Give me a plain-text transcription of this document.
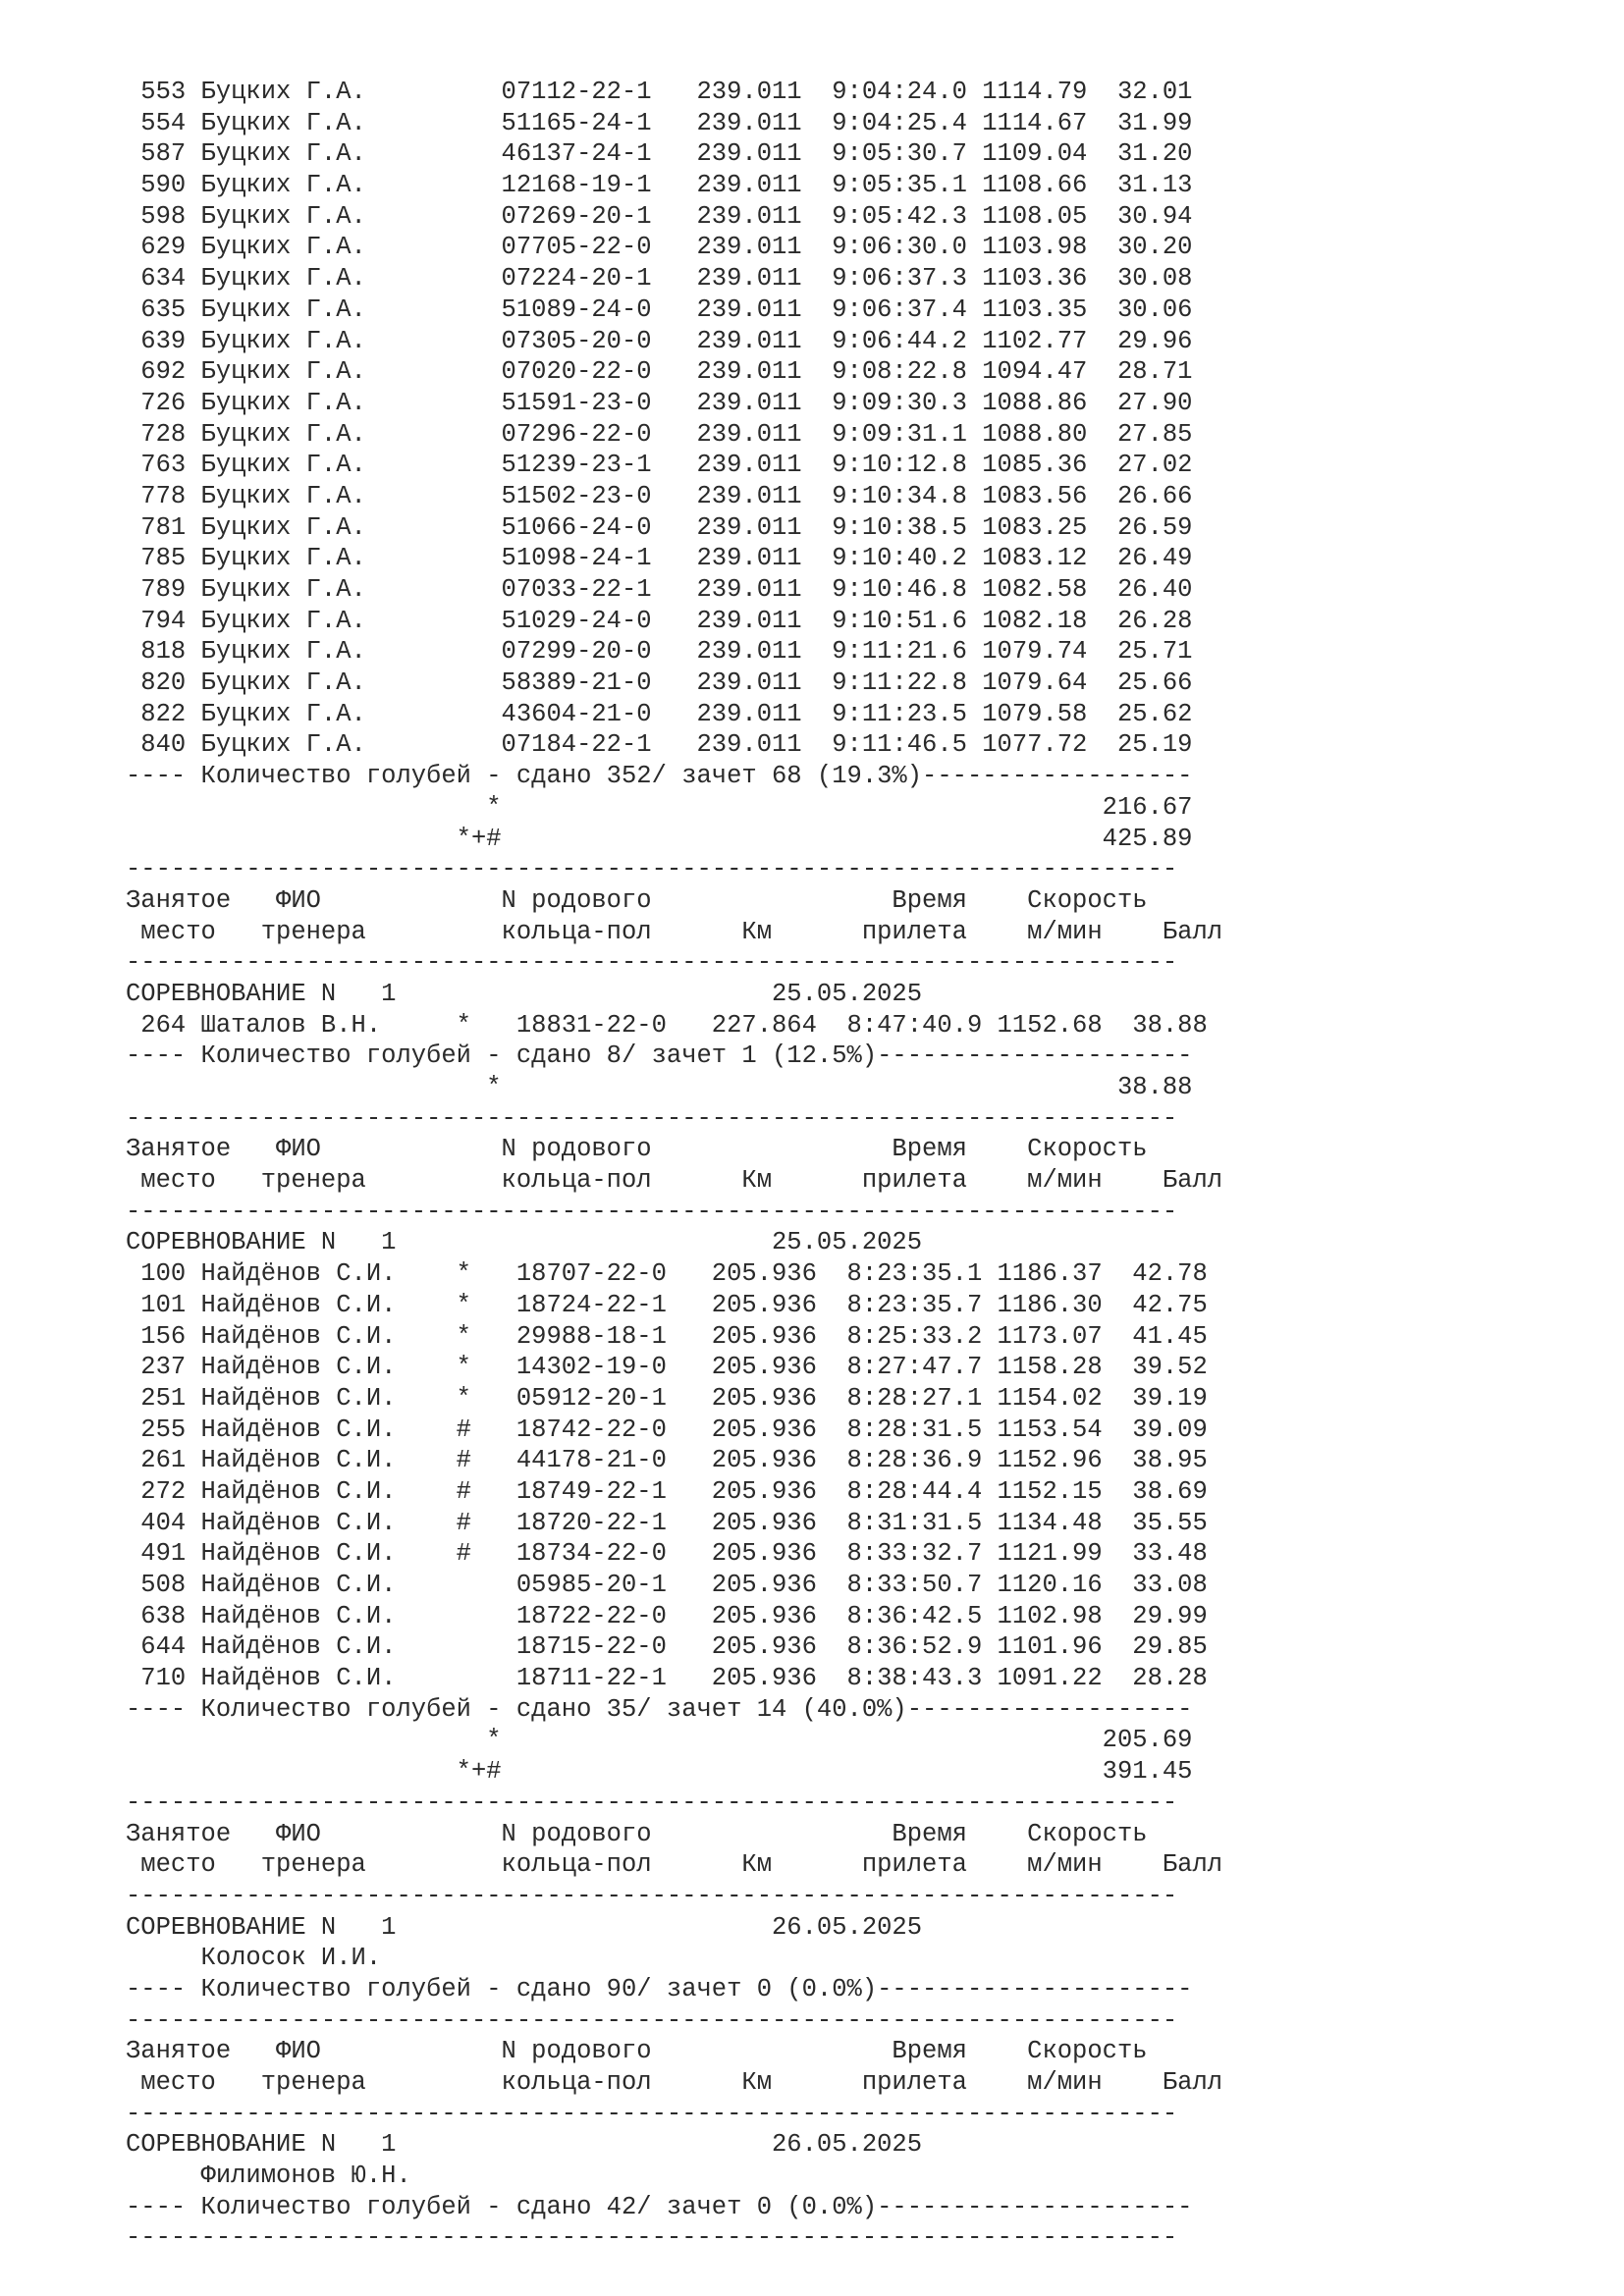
553 Буцких Г.А.         07112-22-1   239.011  9:04:24.0 1114.79  32.01
554 Буцких Г.А.         51165-24-1   239.011  9:04:25.4 1114.67  31.99
587 Буцких Г.А.         46137-24-1   239.011  9:05:30.7 1109.04  31.20
590 Буцких Г.А.         12168-19-1   239.011  9:05:35.1 1108.66  31.13
598 Буцких Г.А.         07269-20-1   239.011  9:05:42.3 1108.05  30.94
629 Буцких Г.А.         07705-22-0   239.011  9:06:30.0 1103.98  30.20
634 Буцких Г.А.         07224-20-1   239.011  9:06:37.3 1103.36  30.08
635 Буцких Г.А.         51089-24-0   239.011  9:06:37.4 1103.35  30.06
639 Буцких Г.А.         07305-20-0   239.011  9:06:44.2 1102.77  29.96
692 Буцких Г.А.         07020-22-0   239.011  9:08:22.8 1094.47  28.71
726 Буцких Г.А.         51591-23-0   239.011  9:09:30.3 1088.86  27.90
728 Буцких Г.А.         07296-22-0   239.011  9:09:31.1 1088.80  27.85
763 Буцких Г.А.         51239-23-1   239.011  9:10:12.8 1085.36  27.02
778 Буцких Г.А.         51502-23-0   239.011  9:10:34.8 1083.56  26.66
781 Буцких Г.А.         51066-24-0   239.011  9:10:38.5 1083.25  26.59
785 Буцких Г.А.         51098-24-1   239.011  9:10:40.2 1083.12  26.49
789 Буцких Г.А.         07033-22-1   239.011  9:10:46.8 1082.58  26.40
794 Буцких Г.А.         51029-24-0   239.011  9:10:51.6 1082.18  26.28
818 Буцких Г.А.         07299-20-0   239.011  9:11:21.6 1079.74  25.71
820 Буцких Г.А.         58389-21-0   239.011  9:11:22.8 1079.64  25.66
822 Буцких Г.А.         43604-21-0   239.011  9:11:23.5 1079.58  25.62
840 Буцких Г.А.         07184-22-1   239.011  9:11:46.5 1077.72  25.19
---- Количество голубей - сдано 352/ зачет 68 (19.3%)------------------
*                                        216.67
*+#                                        425.89
----------------------------------------------------------------------
Занятое   ФИО            N родового                Время    Скорость
место   тренера         кольца-пол      Км      прилета    м/мин    Балл
----------------------------------------------------------------------
СОРЕВНОВАНИЕ N   1                         25.05.2025
264 Шаталов В.Н.     *   18831-22-0   227.864  8:47:40.9 1152.68  38.88
---- Количество голубей - сдано 8/ зачет 1 (12.5%)---------------------
*                                         38.88
----------------------------------------------------------------------
Занятое   ФИО            N родового                Время    Скорость
место   тренера         кольца-пол      Км      прилета    м/мин    Балл
----------------------------------------------------------------------
СОРЕВНОВАНИЕ N   1                         25.05.2025
100 Найдёнов С.И.    *   18707-22-0   205.936  8:23:35.1 1186.37  42.78
101 Найдёнов С.И.    *   18724-22-1   205.936  8:23:35.7 1186.30  42.75
156 Найдёнов С.И.    *   29988-18-1   205.936  8:25:33.2 1173.07  41.45
237 Найдёнов С.И.    *   14302-19-0   205.936  8:27:47.7 1158.28  39.52
251 Найдёнов С.И.    *   05912-20-1   205.936  8:28:27.1 1154.02  39.19
255 Найдёнов С.И.    #   18742-22-0   205.936  8:28:31.5 1153.54  39.09
261 Найдёнов С.И.    #   44178-21-0   205.936  8:28:36.9 1152.96  38.95
272 Найдёнов С.И.    #   18749-22-1   205.936  8:28:44.4 1152.15  38.69
404 Найдёнов С.И.    #   18720-22-1   205.936  8:31:31.5 1134.48  35.55
491 Найдёнов С.И.    #   18734-22-0   205.936  8:33:32.7 1121.99  33.48
508 Найдёнов С.И.        05985-20-1   205.936  8:33:50.7 1120.16  33.08
638 Найдёнов С.И.        18722-22-0   205.936  8:36:42.5 1102.98  29.99
644 Найдёнов С.И.        18715-22-0   205.936  8:36:52.9 1101.96  29.85
710 Найдёнов С.И.        18711-22-1   205.936  8:38:43.3 1091.22  28.28
---- Количество голубей - сдано 35/ зачет 14 (40.0%)-------------------
*                                        205.69
*+#                                        391.45
----------------------------------------------------------------------
Занятое   ФИО            N родового                Время    Скорость
место   тренера         кольца-пол      Км      прилета    м/мин    Балл
----------------------------------------------------------------------
СОРЕВНОВАНИЕ N   1                         26.05.2025
Колосок И.И.
---- Количество голубей - сдано 90/ зачет 0 (0.0%)---------------------
----------------------------------------------------------------------
Занятое   ФИО            N родового                Время    Скорость
место   тренера         кольца-пол      Км      прилета    м/мин    Балл
----------------------------------------------------------------------
СОРЕВНОВАНИЕ N   1                         26.05.2025
Филимонов Ю.Н.
---- Количество голубей - сдано 42/ зачет 0 (0.0%)---------------------
----------------------------------------------------------------------
